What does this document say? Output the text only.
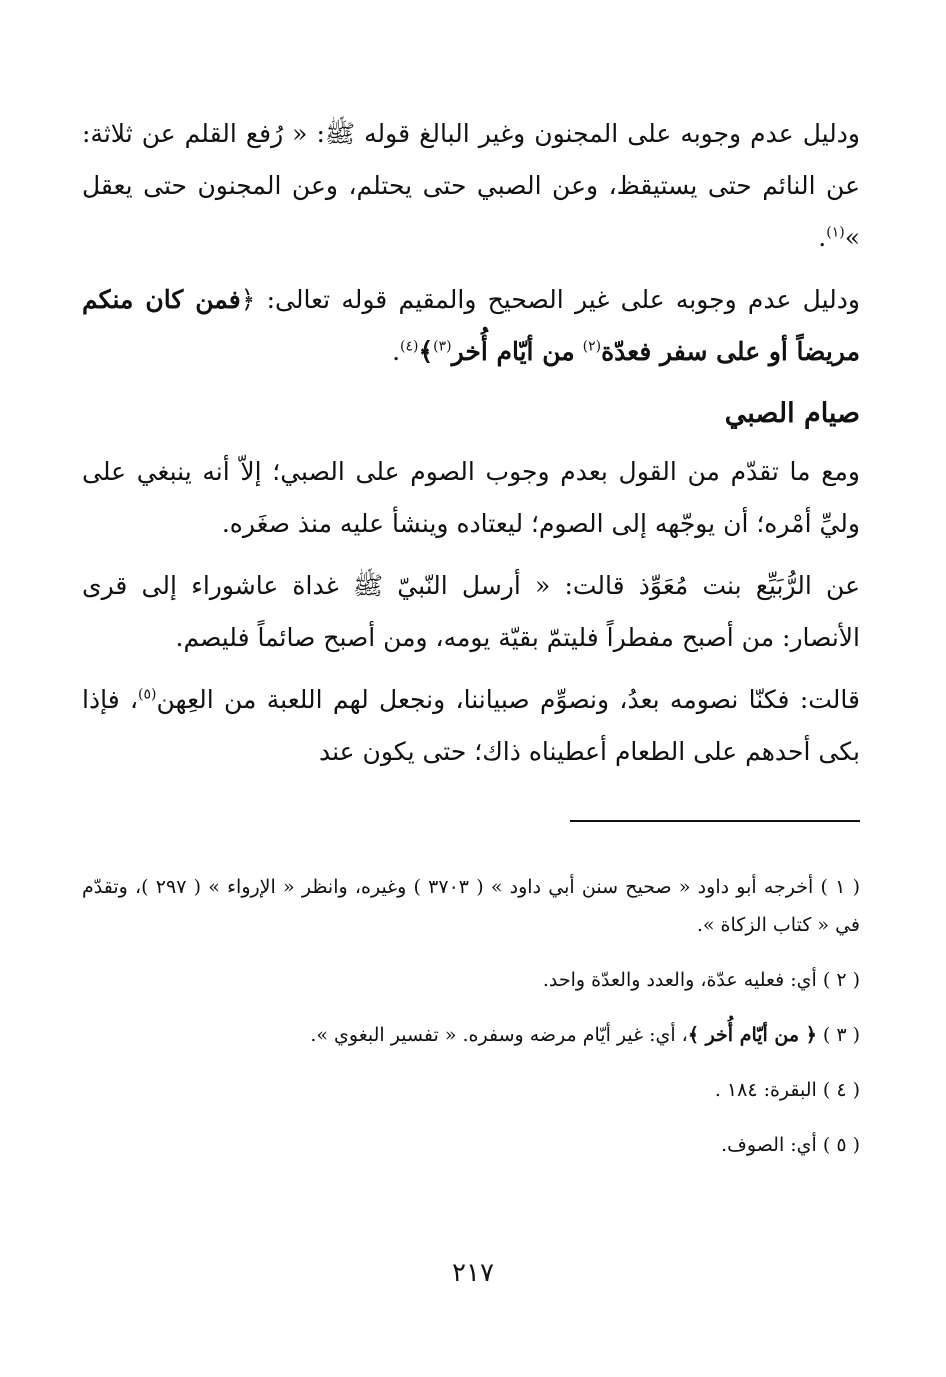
ودليل عدم وجوبه على المجنون وغير البالغ قوله ﷺ: « رُفع القلم عن ثلاثة: عن النائم حتى يستيقظ، وعن الصبي حتى يحتلم، وعن المجنون حتى يعقل »$^{(١)}$.

ودليل عدم وجوبه على غير الصحيح والمقيم قوله تعالى: ﴿فمن كان منكم مريضاً أو على سفر فعدّة$^{(٢)}$ من أيّام أُخر$^{(٣)}$﴾$^{(٤)}$.

صيام الصبي

ومع ما تقدّم من القول بعدم وجوب الصوم على الصبي؛ إلاّ أنه ينبغي على وليِّ أمْره؛ أن يوجّهه إلى الصوم؛ ليعتاده وينشأ عليه منذ صغَره.

عن الرُّبَيِّع بنت مُعَوِّذ قالت: « أرسل النّبيّ ﷺ غداة عاشوراء إلى قرى الأنصار: من أصبح مفطراً فليتمّ بقيّة يومه، ومن أصبح صائماً فليصم.

قالت: فكنّا نصومه بعدُ، ونصوِّم صبياننا، ونجعل لهم اللعبة من العِهن$^{(٥)}$، فإذا بكى أحدهم على الطعام أعطيناه ذاك؛ حتى يكون عند

( ١ ) أخرجه أبو داود « صحيح سنن أبي داود » ( ٣٧٠٣ ) وغيره، وانظر « الإرواء » ( ٢٩٧ )، وتقدّم في « كتاب الزكاة ».

( ٢ ) أي: فعليه عدّة، والعدد والعدّة واحد.

( ٣ ) ﴿ من أيّام أُخر ﴾، أي: غير أيّام مرضه وسفره. « تفسير البغوي ».

( ٤ ) البقرة: ١٨٤ .

( ٥ ) أي: الصوف.

٢١٧
